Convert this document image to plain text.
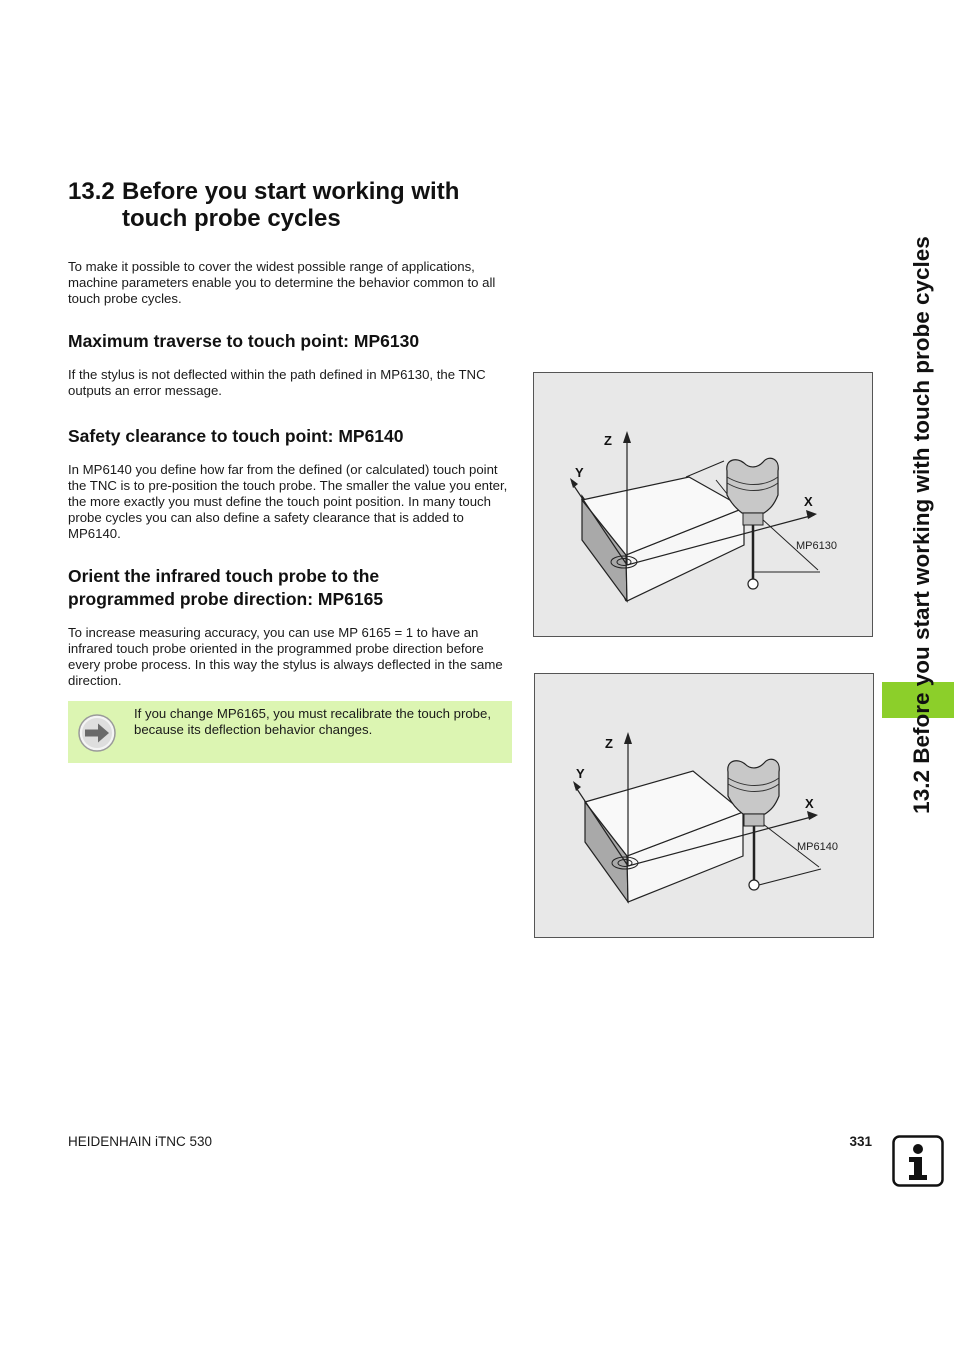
13.2 Before you start working with
touch probe cycles
To make it possible to cover the widest possible range of applications, machine parameters enable you to determine the behavior common to all touch probe cycles.
Maximum traverse to touch point: MP6130
If the stylus is not deflected within the path defined in MP6130, the TNC outputs an error message.
Safety clearance to touch point: MP6140
In MP6140 you define how far from the defined (or calculated) touch point the TNC is to pre-position the touch probe. The smaller the value you enter, the more exactly you must define the touch point position. In many touch probe cycles you can also define a safety clearance that is added to MP6140.
Orient the infrared touch probe to the
programmed probe direction: MP6165
To increase measuring accuracy, you can use MP 6165 = 1 to have an infrared touch probe oriented in the programmed probe direction before every probe process. In this way the stylus is always deflected in the same direction.
If you change MP6165, you must recalibrate the touch probe, because its deflection behavior changes.
Z
Y
X
MP6130
Z
Y
X
MP6140
13.2 Before you start working with touch probe cycles
HEIDENHAIN iTNC 530	331
